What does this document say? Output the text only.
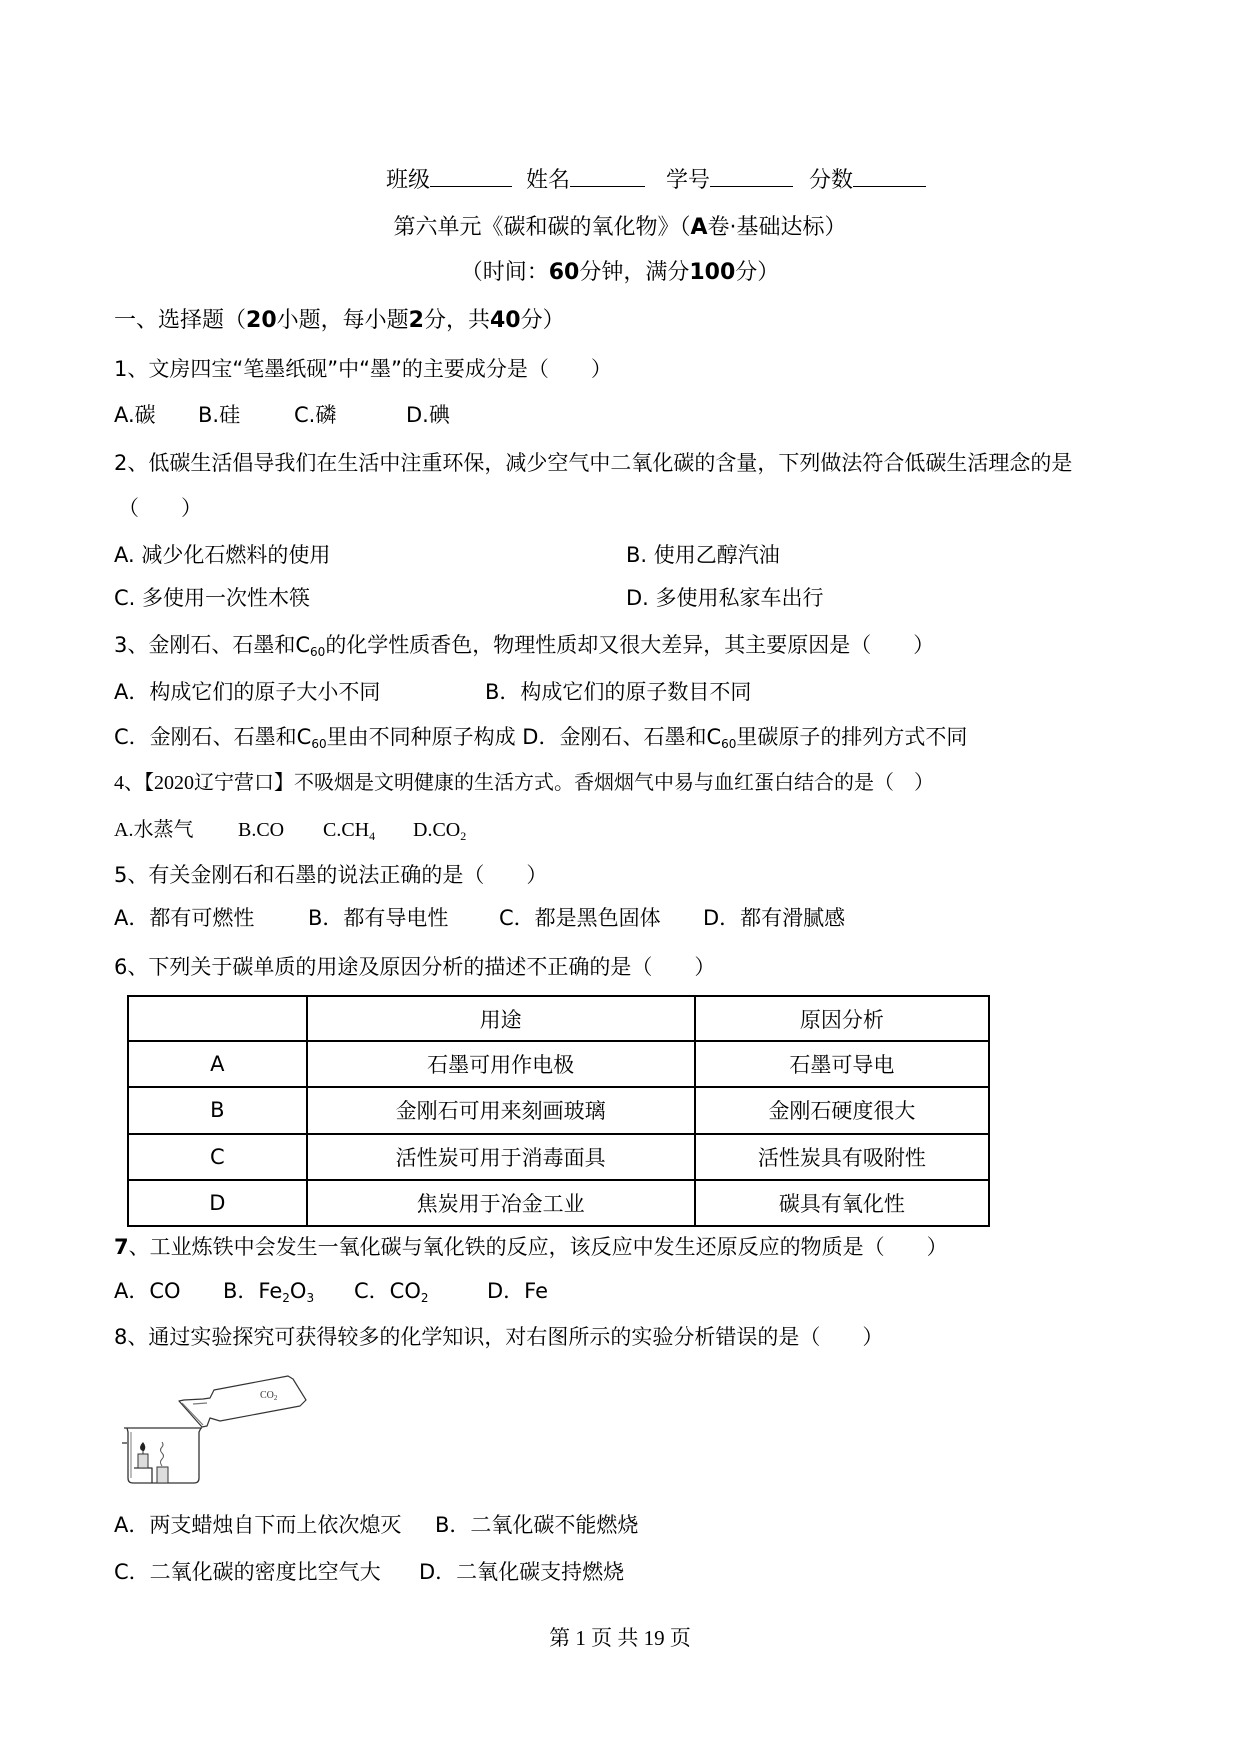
班级	姓名	学号	分数
第六单元《碳和碳的氧化物》（A卷·基础达标）
（时间：60分钟，满分100分）
一、选择题（20小题，每小题2分，共40分）
1、文房四宝“笔墨纸砚”中“墨”的主要成分是（　　）
A.碳 B.硅	C.磷	D.碘
2、低碳生活倡导我们在生活中注重环保，减少空气中二氧化碳的含量，下列做法符合低碳生活理念的是
（　　）
A. 减少化石燃料的使用	B. 使用乙醇汽油
C. 多使用一次性木筷	D. 多使用私家车出行
3、金刚石、石墨和$C_{60}$的化学性质香色，物理性质却又很大差异，其主要原因是（　　）
A．构成它们的原子大小不同	B．构成它们的原子数目不同
C．金刚石、石墨和$C_{60}$里由不同种原子构成 D．金刚石、石墨和$C_{60}$里碳原子的排列方式不同
4、【2020辽宁营口】不吸烟是文明健康的生活方式。香烟烟气中易与血红蛋白结合的是（　）
A.水蒸气 B.CO $C.CH_4$ $D.CO_2$
5、有关金刚石和石墨的说法正确的是（　　）
A．都有可燃性	B．都有导电性 C．都是黑色固体 D．都有滑腻感
6、下列关于碳单质的用途及原因分析的描述不正确的是（　　）
	用途	原因分析
A	石墨可用作电极	石墨可导电
B	金刚石可用来刻画玻璃	金刚石硬度很大
C	活性炭可用于消毒面具	活性炭具有吸附性
D	焦炭用于冶金工业	碳具有氧化性
7、工业炼铁中会发生一氧化碳与氧化铁的反应，该反应中发生还原反应的物质是（　　）
A．CO B．$Fe_2O_3$ C．$CO_2$	D．Fe
8、通过实验探究可获得较多的化学知识，对右图所示的实验分析错误的是（　　）
$CO_2$
A．两支蜡烛自下而上依次熄灭 B．二氧化碳不能燃烧
C．二氧化碳的密度比空气大 D．二氧化碳支持燃烧
第 1 页 共 19 页
